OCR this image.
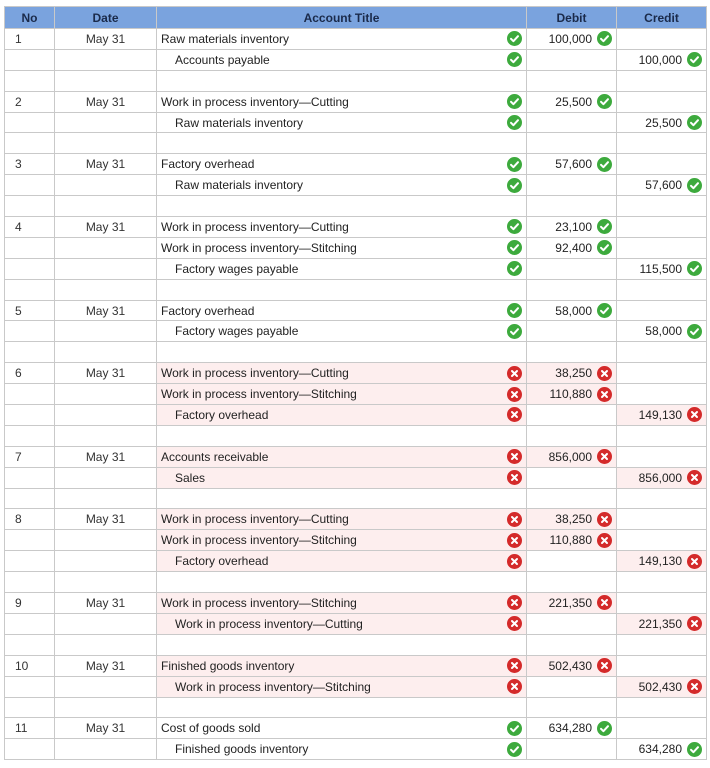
No	Date	Account Title	Debit	Credit
1	May 31	Raw materials inventory	100,000

		Accounts payable		100,000

2	May 31	Work in process inventory—Cutting	25,500

		Raw materials inventory		25,500

3	May 31	Factory overhead	57,600

		Raw materials inventory		57,600

4	May 31	Work in process inventory—Cutting	23,100

		Work in process inventory—Stitching	92,400

		Factory wages payable		115,500

5	May 31	Factory overhead	58,000

		Factory wages payable		58,000

6	May 31	Work in process inventory—Cutting	38,250

		Work in process inventory—Stitching	110,880

		Factory overhead		149,130

7	May 31	Accounts receivable	856,000

		Sales		856,000

8	May 31	Work in process inventory—Cutting	38,250

		Work in process inventory—Stitching	110,880

		Factory overhead		149,130

9	May 31	Work in process inventory—Stitching	221,350

		Work in process inventory—Cutting		221,350

10	May 31	Finished goods inventory	502,430

		Work in process inventory—Stitching		502,430

11	May 31	Cost of goods sold	634,280

		Finished goods inventory		634,280
